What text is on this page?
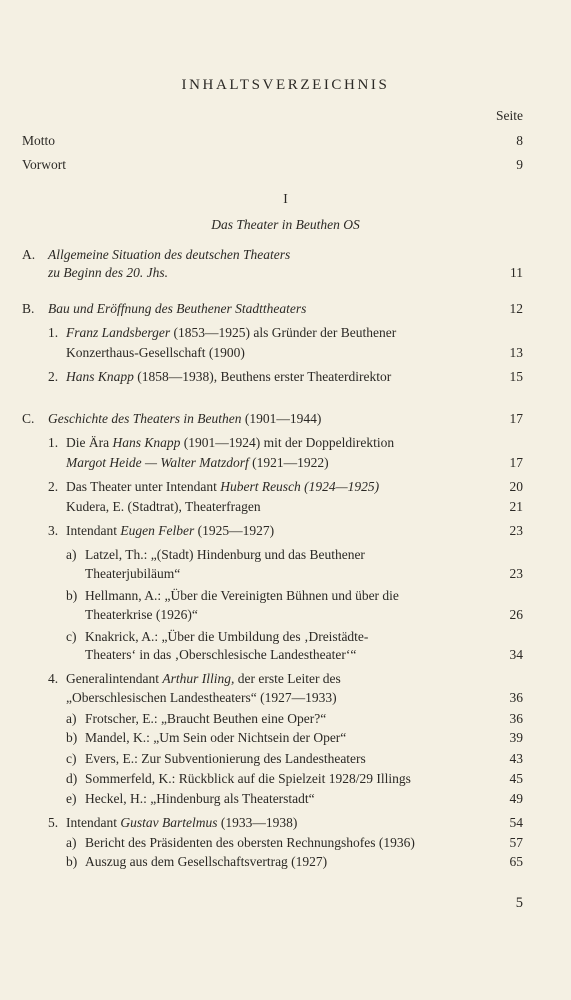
INHALTSVERZEICHNIS
Seite
Motto	8
Vorwort	9
I
Das Theater in Beuthen OS
A. Allgemeine Situation des deutschen Theaters
zu Beginn des 20. Jhs.	11
B. Bau und Eröffnung des Beuthener Stadttheaters	12
1. Franz Landsberger (1853—1925) als Gründer der Beuthener
Konzerthaus-Gesellschaft (1900)	13
2. Hans Knapp (1858—1938), Beuthens erster Theaterdirektor	15
C. Geschichte des Theaters in Beuthen (1901—1944)	17
1. Die Ära Hans Knapp (1901—1924) mit der Doppeldirektion
Margot Heide — Walter Matzdorf (1921—1922)	17
2. Das Theater unter Intendant Hubert Reusch (1924—1925)	20
Kudera, E. (Stadtrat), Theaterfragen	21
3. Intendant Eugen Felber (1925—1927)	23
a) Latzel, Th.: „(Stadt) Hindenburg und das Beuthener
Theaterjubiläum“	23
b) Hellmann, A.: „Über die Vereinigten Bühnen und über die
Theaterkrise (1926)“	26
c) Knakrick, A.: „Über die Umbildung des ‚Dreistädte-
Theaters‘ in das ‚Oberschlesische Landestheater‘“	34
4. Generalintendant Arthur Illing, der erste Leiter des
„Oberschlesischen Landestheaters“ (1927—1933)	36
a) Frotscher, E.: „Braucht Beuthen eine Oper?“	36
b) Mandel, K.: „Um Sein oder Nichtsein der Oper“	39
c) Evers, E.: Zur Subventionierung des Landestheaters	43
d) Sommerfeld, K.: Rückblick auf die Spielzeit 1928/29 Illings	45
e) Heckel, H.: „Hindenburg als Theaterstadt“	49
5. Intendant Gustav Bartelmus (1933—1938)	54
a) Bericht des Präsidenten des obersten Rechnungshofes (1936)	57
b) Auszug aus dem Gesellschaftsvertrag (1927)	65
5
